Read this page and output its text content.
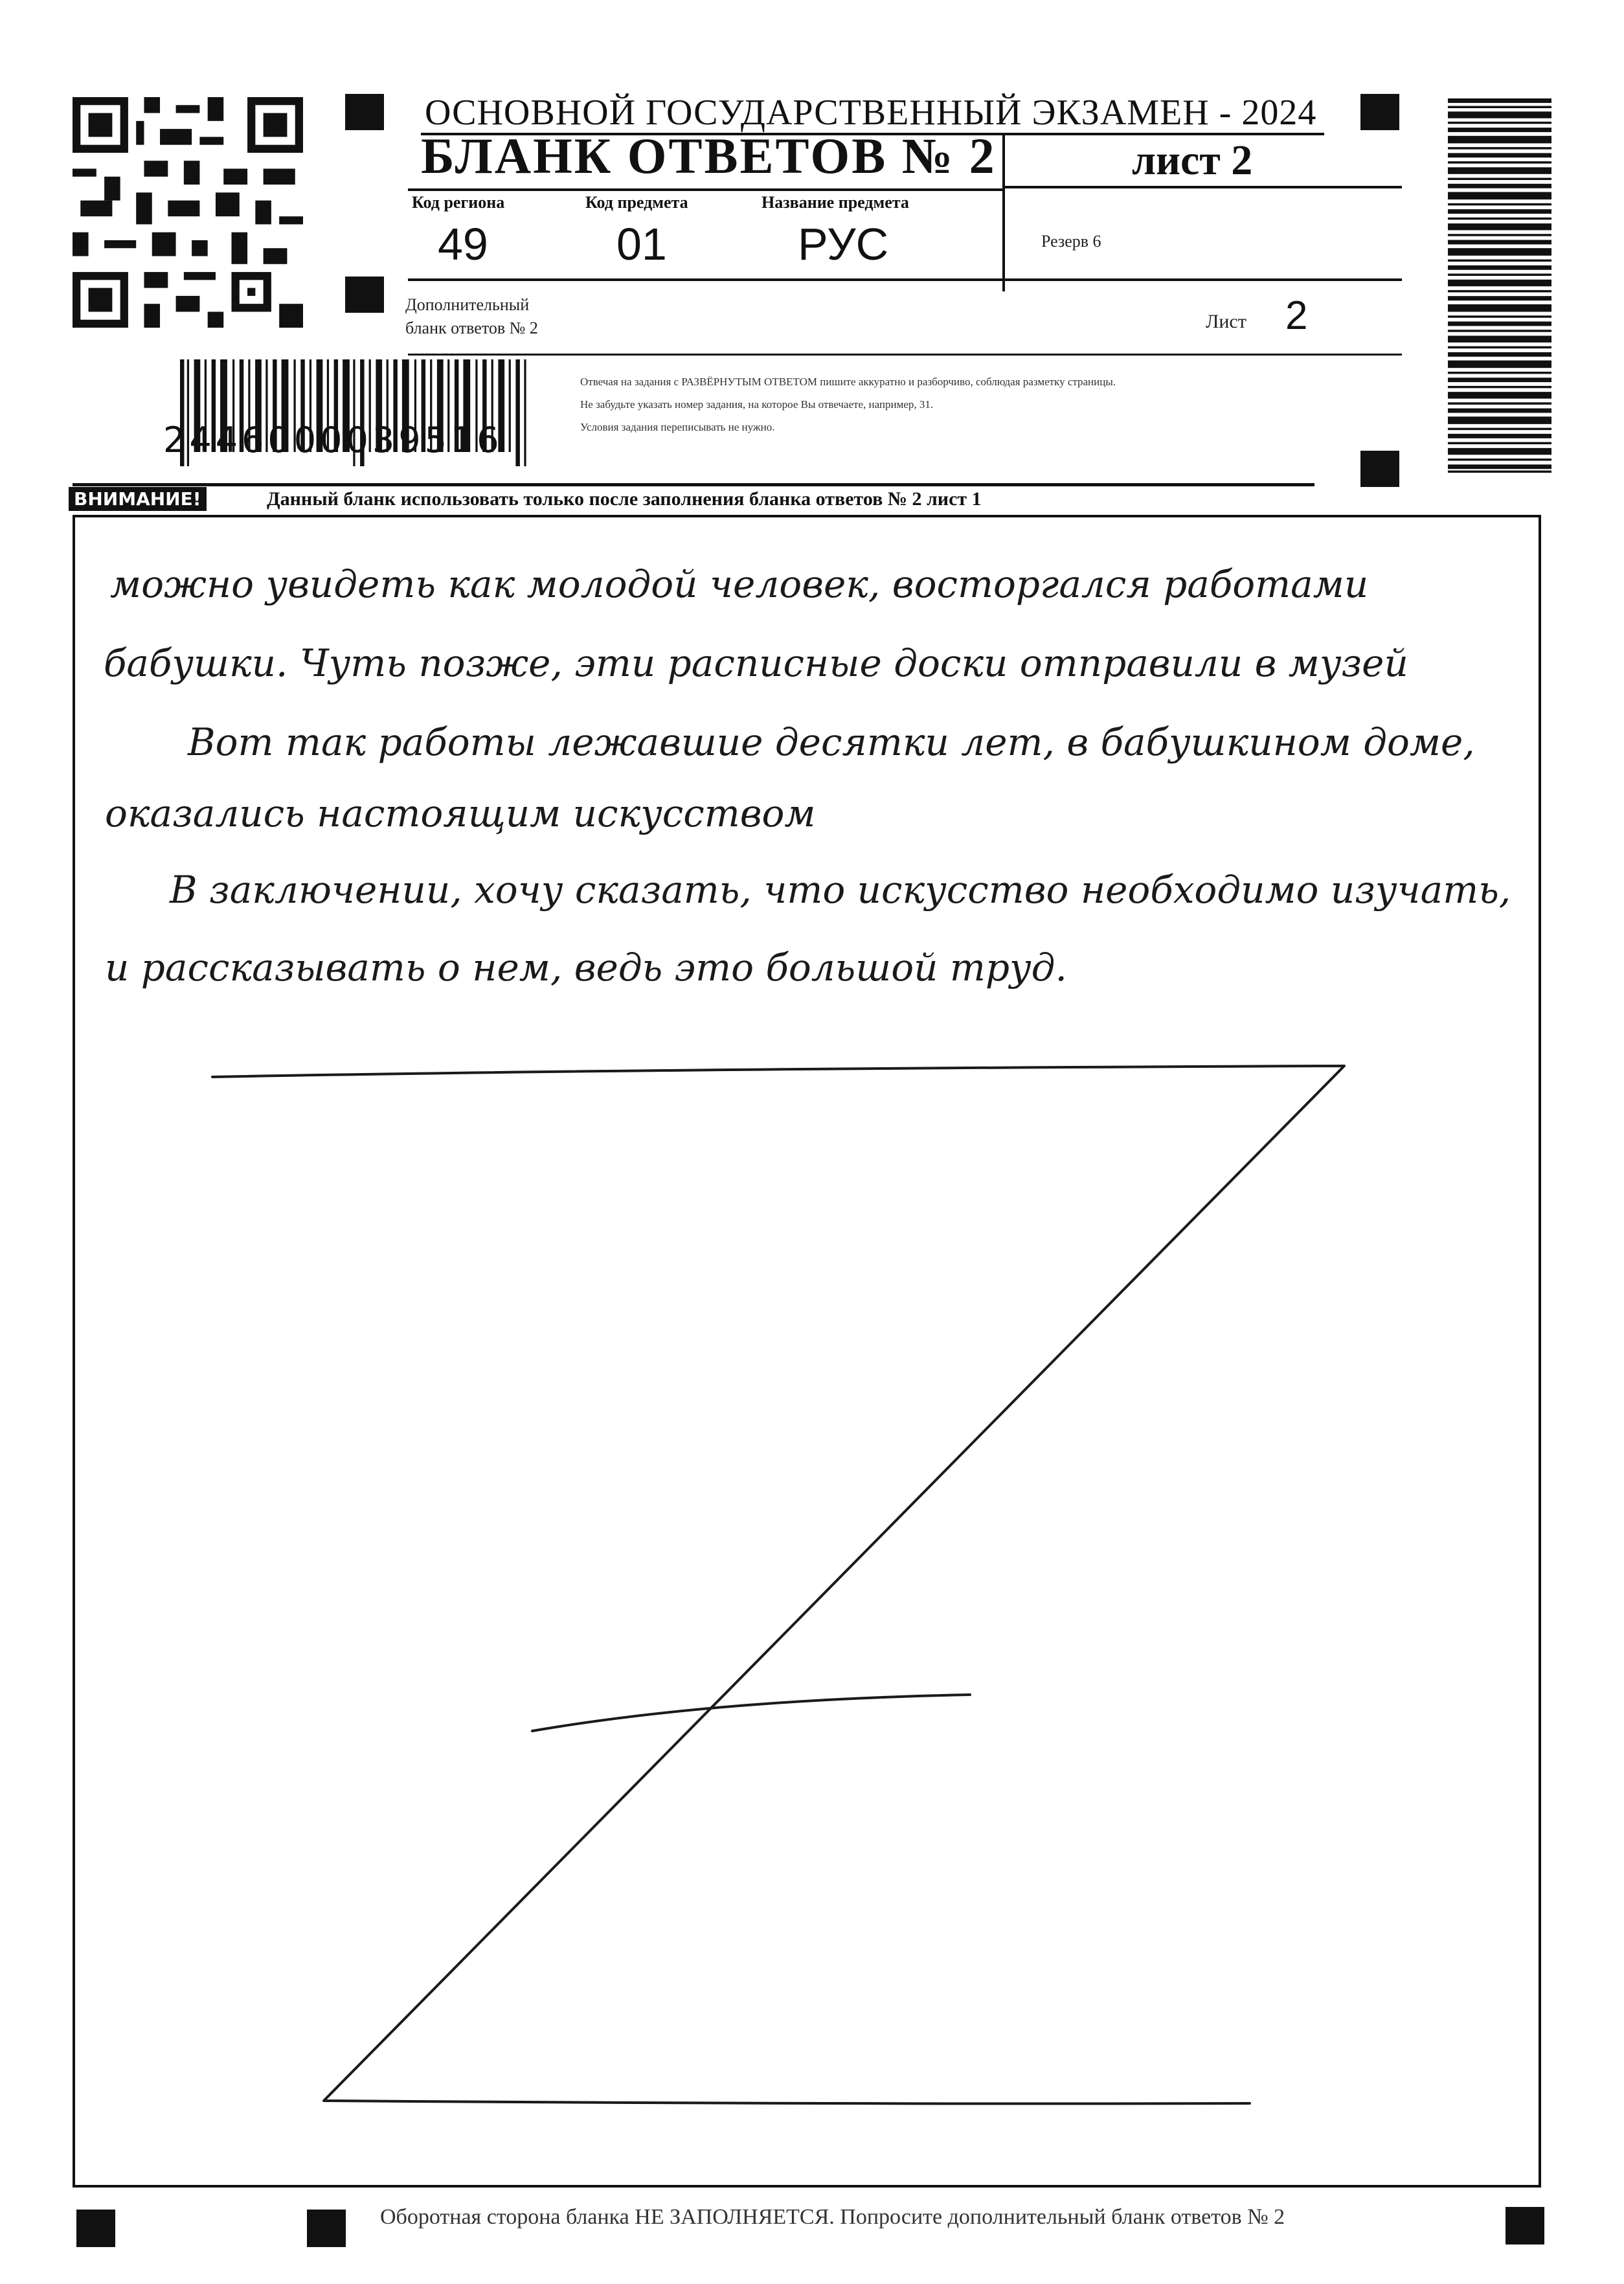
ОСНОВНОЙ ГОСУДАРСТВЕННЫЙ ЭКЗАМЕН - 2024
БЛАНК ОТВЕТОВ № 2	лист 2
Код региона
49
Код предмета
01
Название предмета
РУС	Резерв 6
Дополнительный
бланк ответов № 2	Лист 2
2446000039516
Отвечая на задания с РАЗВЁРНУТЫМ ОТВЕТОМ пишите аккуратно и разборчиво, соблюдая разметку страницы.
Не забудьте указать номер задания, на которое Вы отвечаете, например, 31.
Условия задания переписывать не нужно.
ВНИМАНИЕ!	Данный бланк использовать только после заполнения бланка ответов № 2 лист 1
можно увидеть как молодой человек, восторгался работами
бабушки. Чуть позже, эти расписные доски отправили в музей
Вот так работы лежавшие десятки лет, в бабушкином доме,
оказались настоящим искусством
В заключении, хочу сказать, что искусство необходимо изучать,
и рассказывать о нем, ведь это большой труд.
Оборотная сторона бланка НЕ ЗАПОЛНЯЕТСЯ. Попросите дополнительный бланк ответов № 2
